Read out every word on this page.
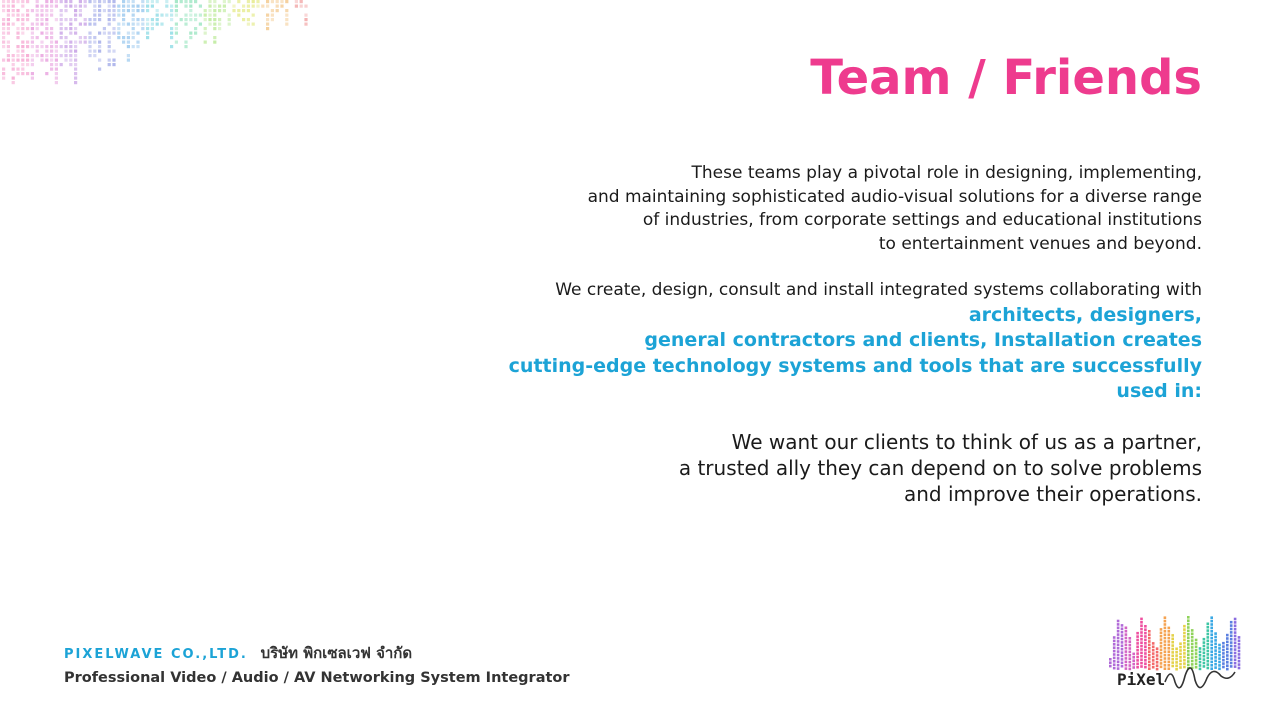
Team / Friends
These teams play a pivotal role in designing, implementing,
and maintaining sophisticated audio-visual solutions for a diverse range
of industries, from corporate settings and educational institutions
to entertainment venues and beyond.
We create, design, consult and install integrated systems collaborating with
architects, designers,
general contractors and clients, Installation creates
cutting-edge technology systems and tools that are successfully
used in:
We want our clients to think of us as a partner,
a trusted ally they can depend on to solve problems
and improve their operations.
PIXELWAVE CO.,LTD. บริษัท พิกเซลเวฟ จำกัด
Professional Video / Audio / AV Networking System Integrator	PiXel
